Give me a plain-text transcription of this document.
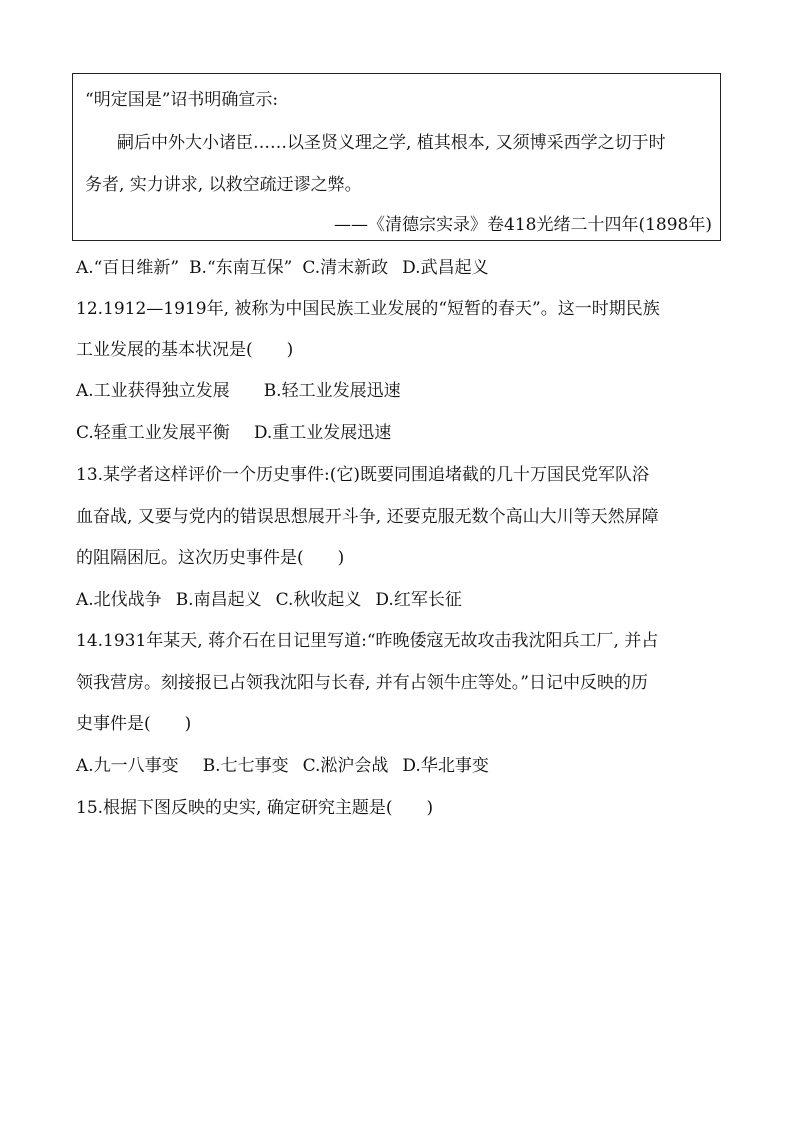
“明定国是”诏书明确宣示:
嗣后中外大小诸臣……以圣贤义理之学, 植其根本, 又须博采西学之切于时
务者, 实力讲求, 以救空疏迂谬之弊。
——《清德宗实录》卷418光绪二十四年(1898年)
A.“百日维新” B.“东南互保” C.清末新政 D.武昌起义
12.1912—1919年, 被称为中国民族工业发展的“短暂的春天”。这一时期民族
工业发展的基本状况是(　　)
A.工业获得独立发展 B.轻工业发展迅速
C.轻重工业发展平衡 D.重工业发展迅速
13.某学者这样评价一个历史事件:(它)既要同围追堵截的几十万国民党军队浴
血奋战, 又要与党内的错误思想展开斗争, 还要克服无数个高山大川等天然屏障
的阻隔困厄。这次历史事件是(　　)
A.北伐战争 B.南昌起义 C.秋收起义 D.红军长征
14.1931年某天, 蒋介石在日记里写道:“昨晚倭寇无故攻击我沈阳兵工厂, 并占
领我营房。刻接报已占领我沈阳与长春, 并有占领牛庄等处。”日记中反映的历
史事件是(　　)
A.九一八事变 B.七七事变 C.淞沪会战 D.华北事变
15.根据下图反映的史实, 确定研究主题是(　　)
